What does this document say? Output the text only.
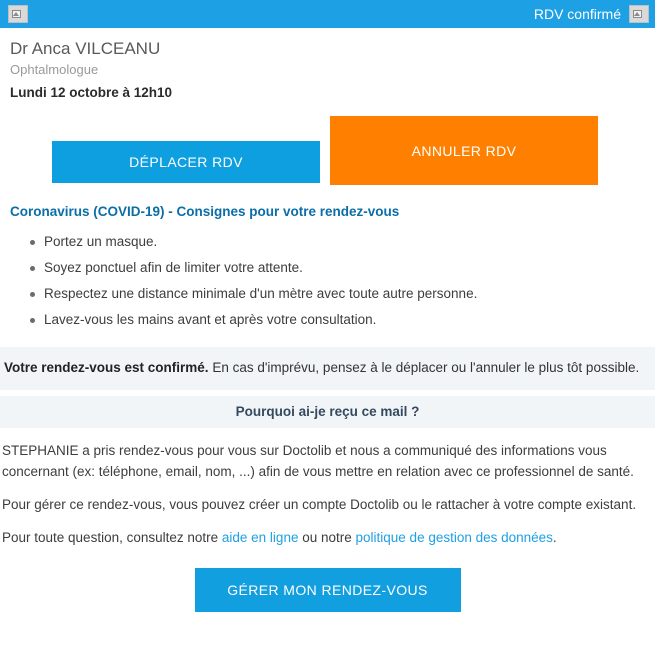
RDV confirmé
Dr Anca VILCEANU
Ophtalmologue
Lundi 12 octobre à 12h10
ANNULER RDV
DÉPLACER RDV
Coronavirus (COVID-19) - Consignes pour votre rendez-vous
Portez un masque.
Soyez ponctuel afin de limiter votre attente.
Respectez une distance minimale d'un mètre avec toute autre personne.
Lavez-vous les mains avant et après votre consultation.

Votre rendez-vous est confirmé. En cas d'imprévu, pensez à le déplacer ou l'annuler le plus tôt possible.

Pourquoi ai-je reçu ce mail ?

STEPHANIE a pris rendez-vous pour vous sur Doctolib et nous a communiqué des informations vous concernant (ex: téléphone, email, nom, ...) afin de vous mettre en relation avec ce professionnel de santé.

Pour gérer ce rendez-vous, vous pouvez créer un compte Doctolib ou le rattacher à votre compte existant.

Pour toute question, consultez notre aide en ligne ou notre politique de gestion des données.

GÉRER MON RENDEZ-VOUS
